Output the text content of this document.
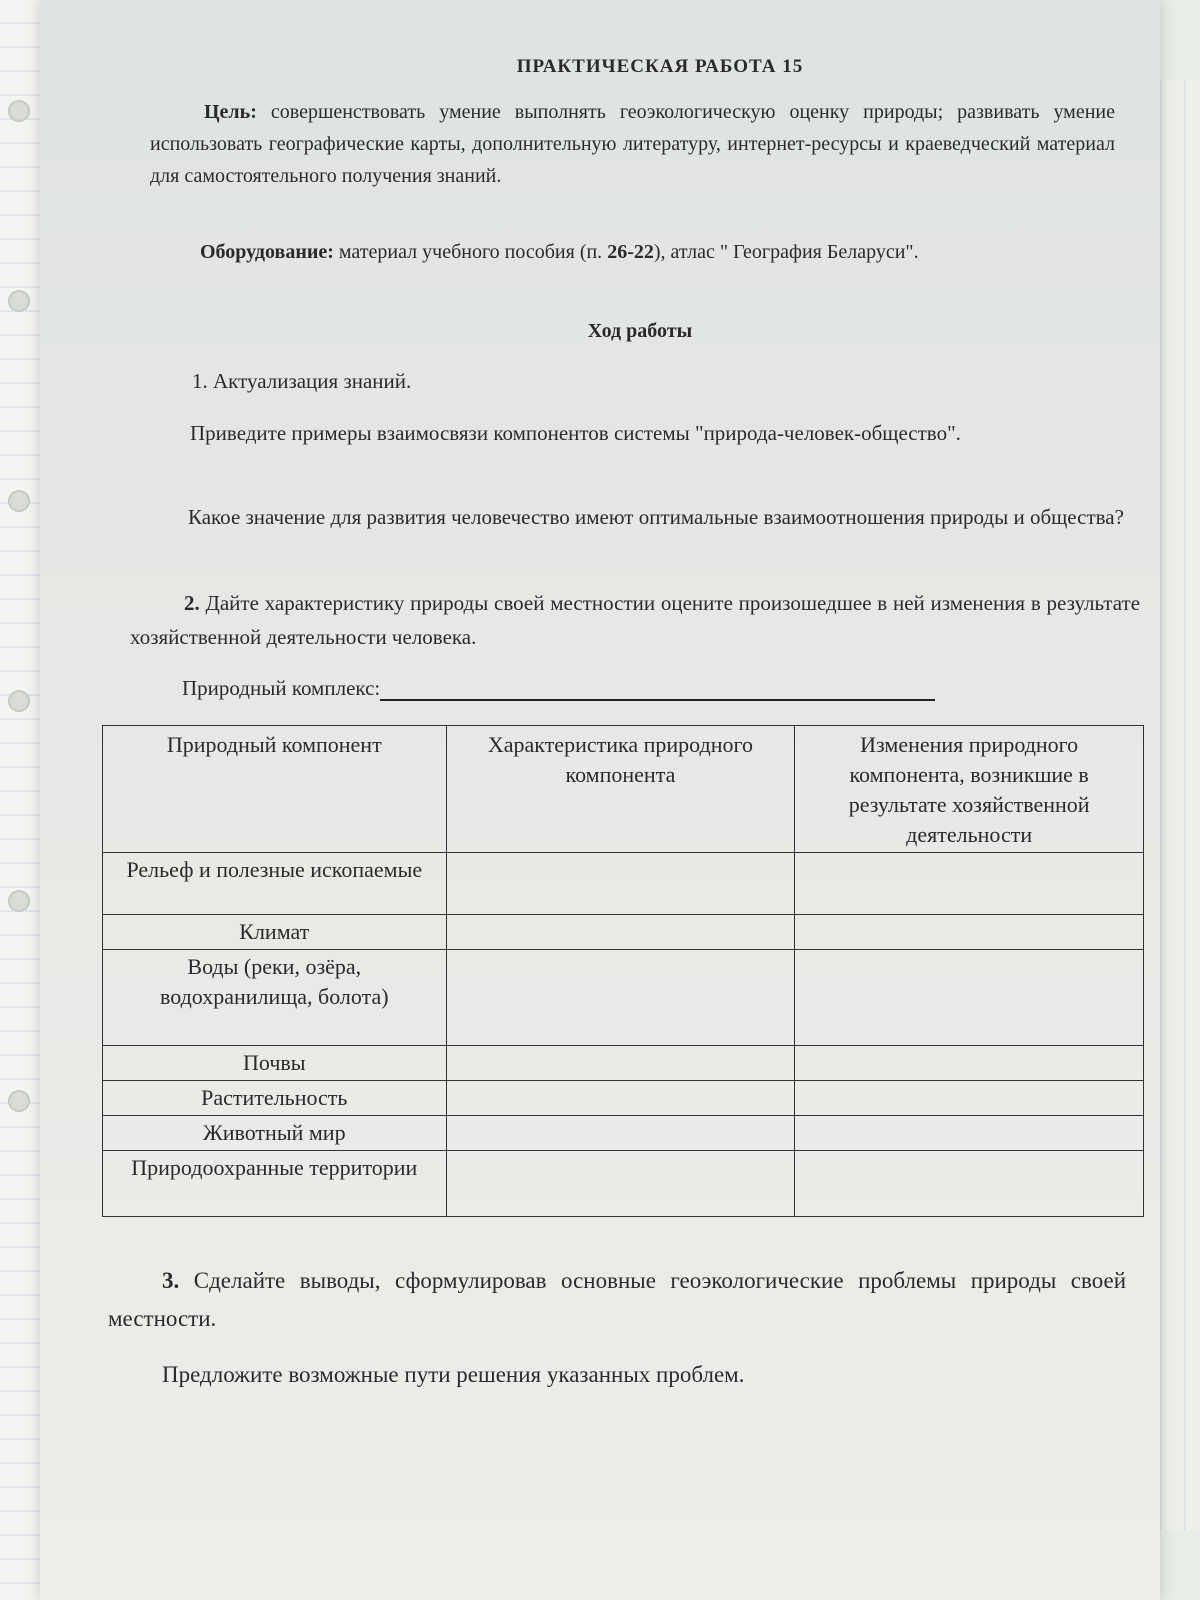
ПРАКТИЧЕСКАЯ РАБОТА 15
Цель: совершенствовать умение выполнять геоэкологическую оценку природы; развивать умение использовать географические карты, дополнительную литературу, интернет-ресурсы и краеведческий материал для самостоятельного получения знаний.
Оборудование: материал учебного пособия (п. 26-22), атлас " География Беларуси".
Ход работы
1. Актуализация знаний.
Приведите примеры взаимосвязи компонентов системы "природа-человек-общество".
Какое значение для развития человечество имеют оптимальные взаимоотношения природы и общества?
2. Дайте характеристику природы своей местностии оцените произошедшее в ней изменения в результате хозяйственной деятельности человека.
Природный комплекс:
Природный компонент	Характеристика природного компонента	Изменения природного компонента, возникшие в результате хозяйственной деятельности
Рельеф и полезные ископаемые		
Климат		
Воды (реки, озёра, водохранилища, болота)		
Почвы		
Растительность		
Животный мир		
Природоохранные территории		
3. Сделайте выводы, сформулировав основные геоэкологические проблемы природы своей местности.
Предложите возможные пути решения указанных проблем.
